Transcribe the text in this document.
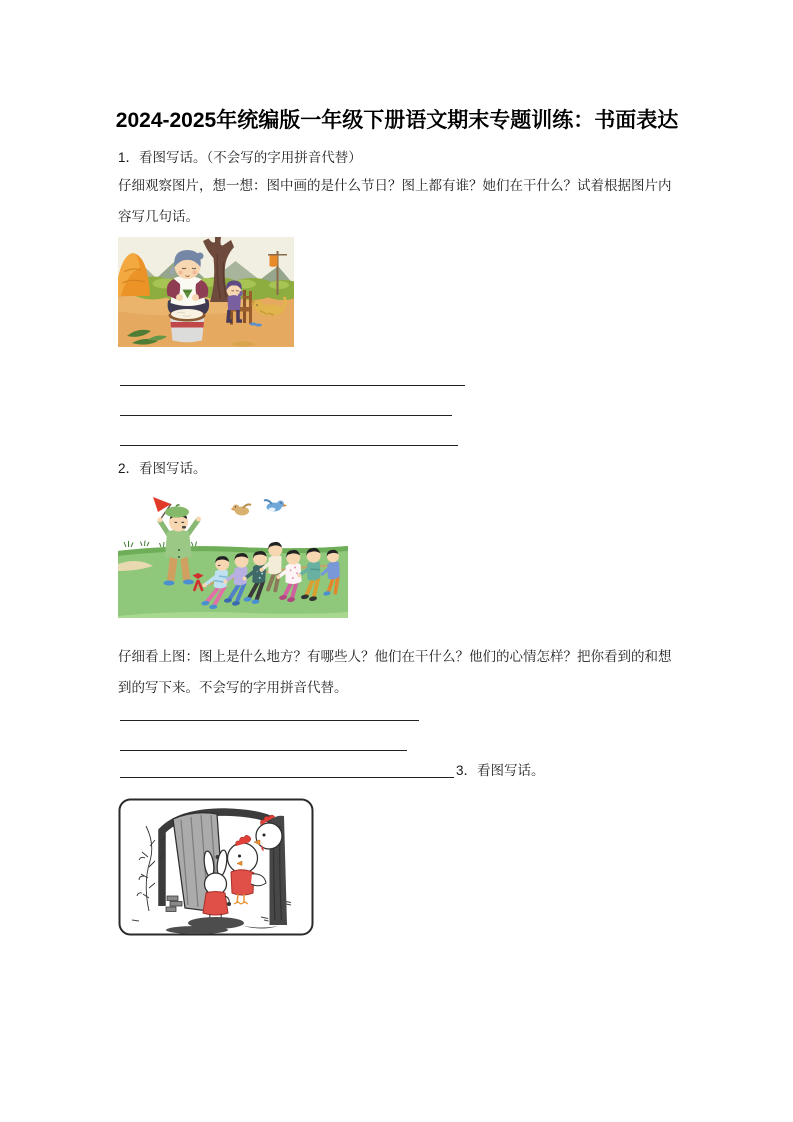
2024-2025年统编版一年级下册语文期末专题训练：书面表达
1．看图写话。（不会写的字用拼音代替）
仔细观察图片，想一想：图中画的是什么节日？图上都有谁？她们在干什么？试着根据图片内容写几句话。
2．看图写话。
仔细看上图：图上是什么地方？有哪些人？他们在干什么？他们的心情怎样？把你看到的和想到的写下来。不会写的字用拼音代替。
3．看图写话。
